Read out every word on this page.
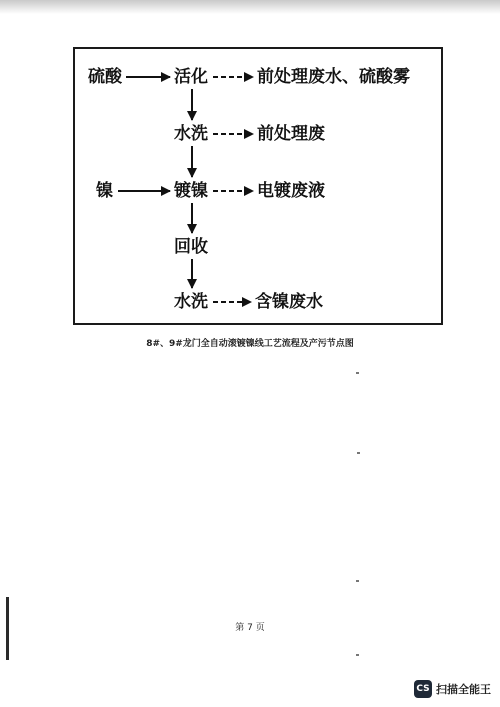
硫酸	活化	前处理废水、硫酸雾
水洗	前处理废
镍	镀镍	电镀废液
回收
水洗	含镍废水
8#、9#龙门全自动滚镀镍线工艺流程及产污节点图
第 7 页
CS 扫描全能王
